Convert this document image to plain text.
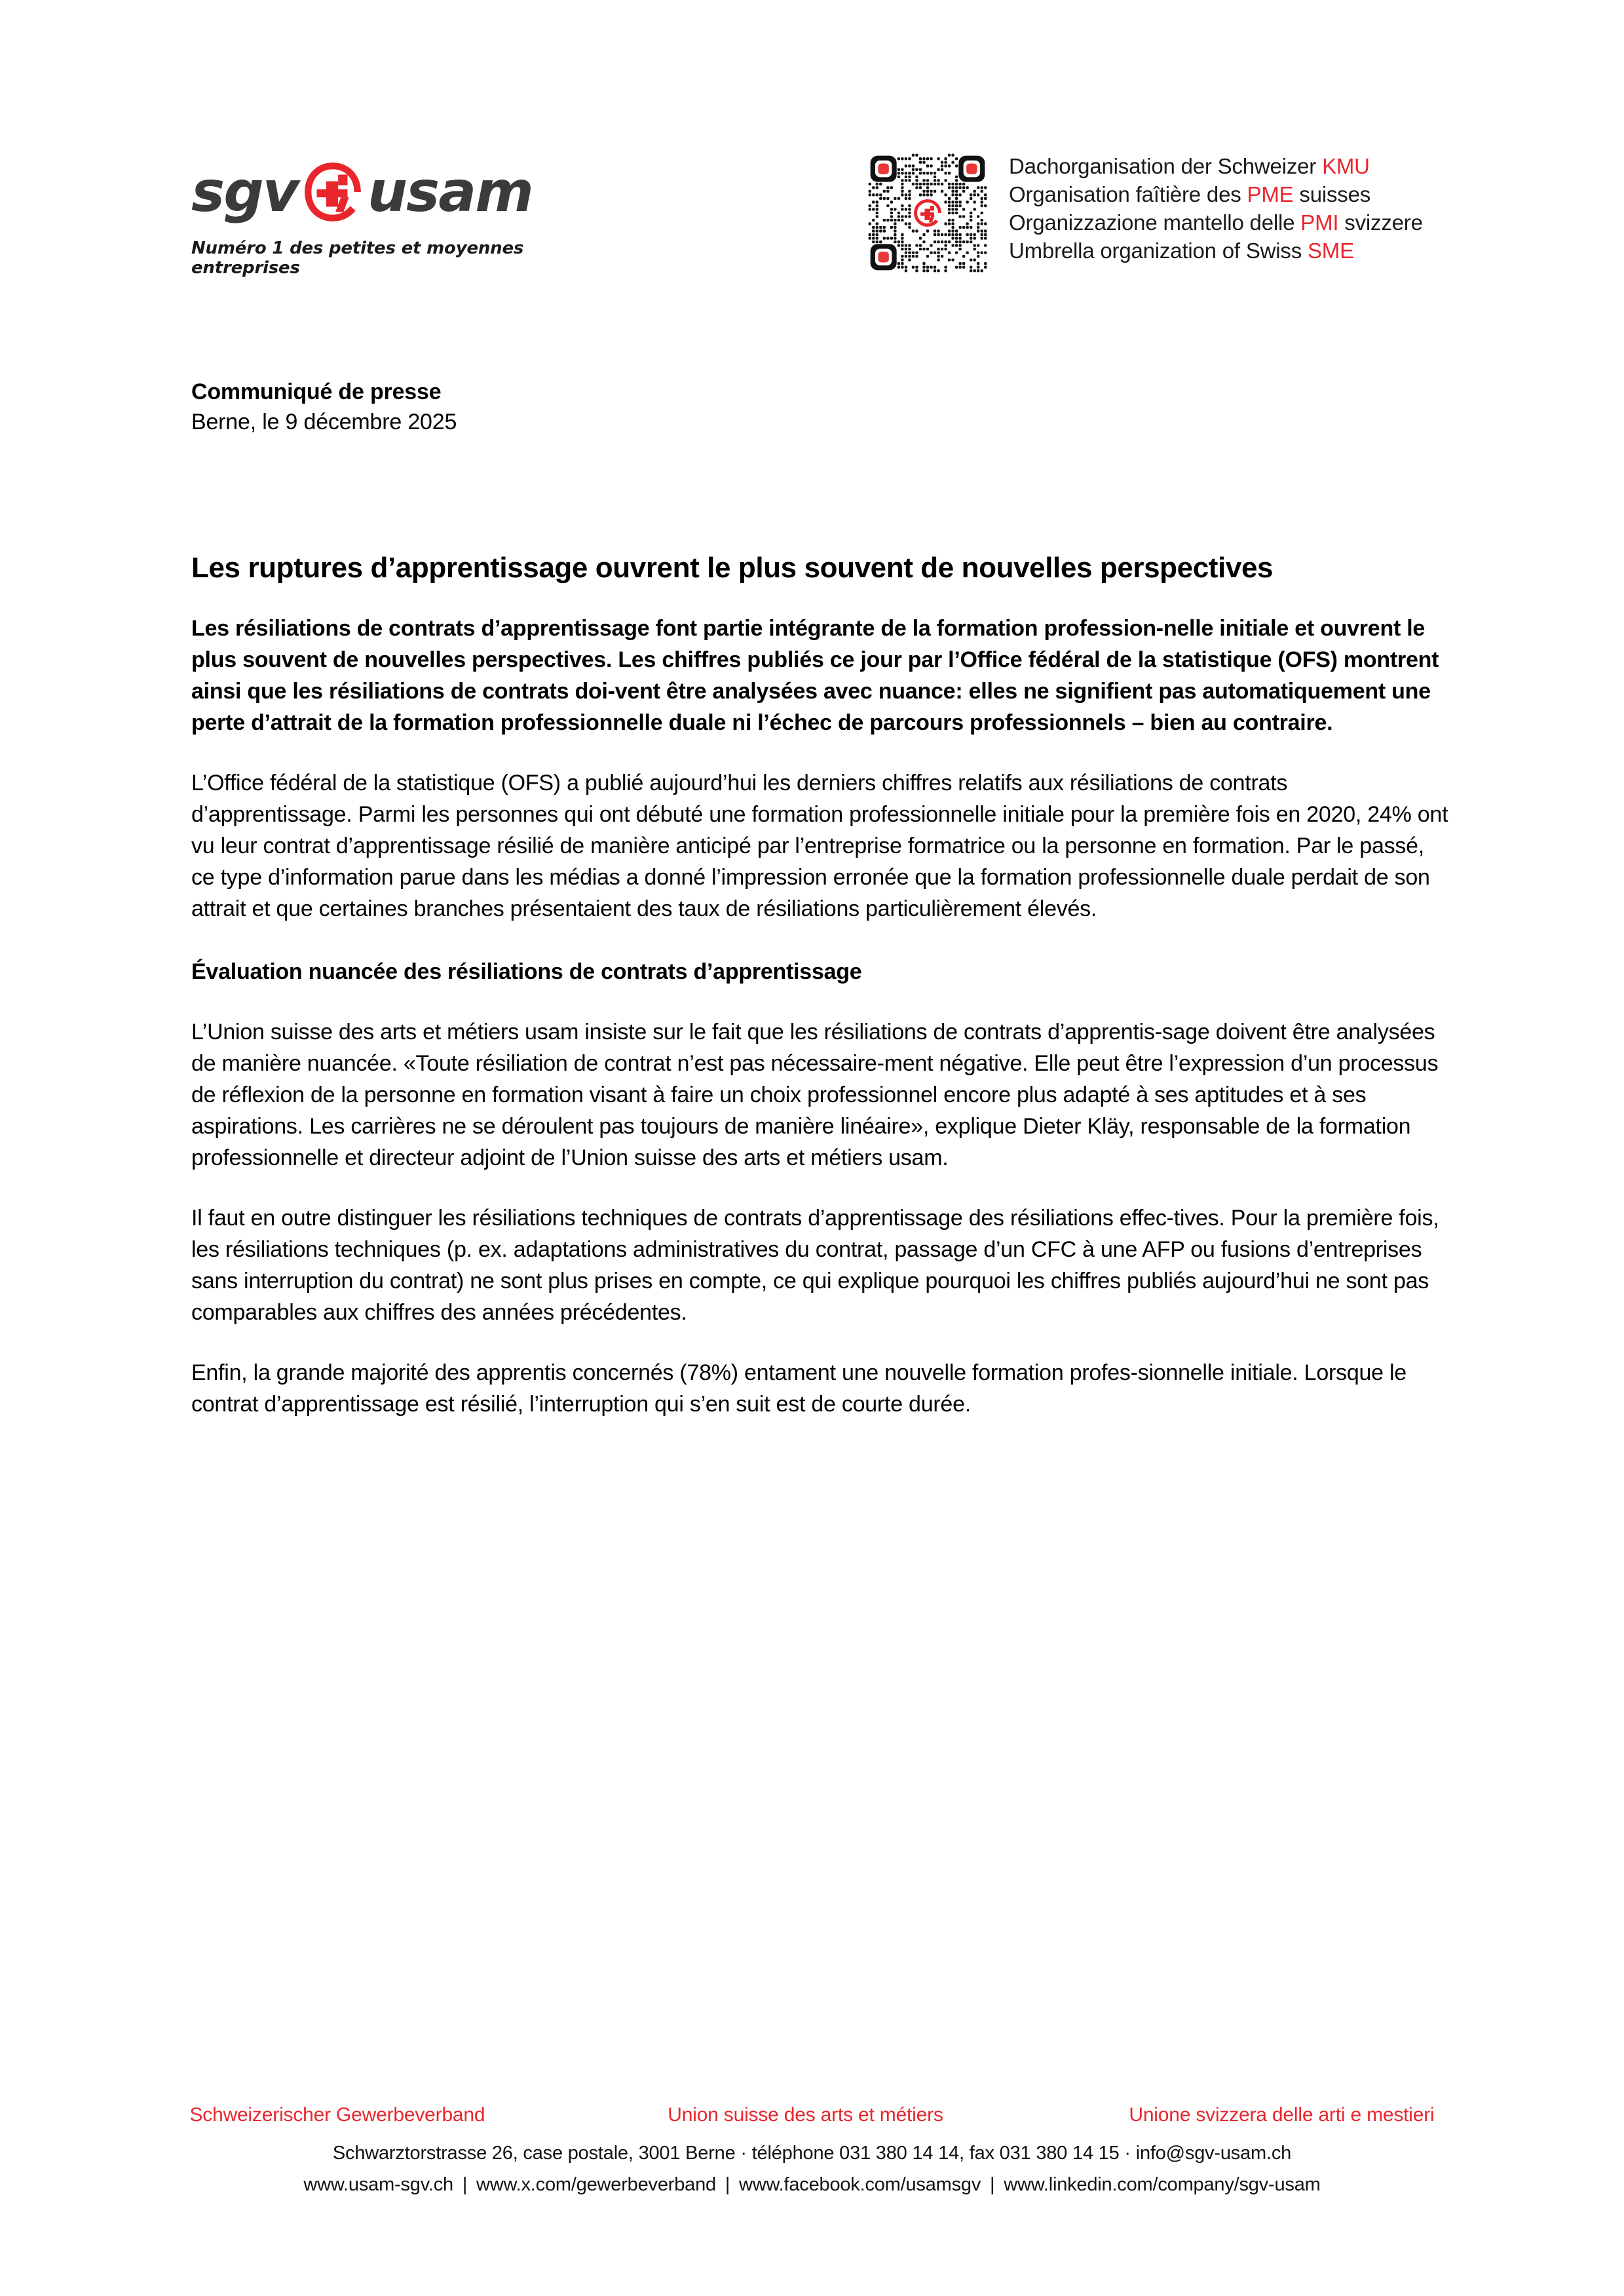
sgv usam
Numéro 1 des petites et moyennes entreprises
Dachorganisation der Schweizer KMU
Organisation faîtière des PME suisses
Organizzazione mantello delle PMI svizzere
Umbrella organization of Swiss SME
Communiqué de presse
Berne, le 9 décembre 2025
Les ruptures d’apprentissage ouvrent le plus souvent de nouvelles perspectives

Les résiliations de contrats d’apprentissage font partie intégrante de la formation profession-nelle initiale et ouvrent le plus souvent de nouvelles perspectives. Les chiffres publiés ce jour par l’Office fédéral de la statistique (OFS) montrent ainsi que les résiliations de contrats doi-vent être analysées avec nuance: elles ne signifient pas automatiquement une perte d’attrait de la formation professionnelle duale ni l’échec de parcours professionnels – bien au contraire.

L’Office fédéral de la statistique (OFS) a publié aujourd’hui les derniers chiffres relatifs aux résiliations de contrats d’apprentissage. Parmi les personnes qui ont débuté une formation professionnelle initiale pour la première fois en 2020, 24% ont vu leur contrat d’apprentissage résilié de manière anticipé par l’entreprise formatrice ou la personne en formation. Par le passé, ce type d’information parue dans les médias a donné l’impression erronée que la formation professionnelle duale perdait de son attrait et que certaines branches présentaient des taux de résiliations particulièrement élevés.

Évaluation nuancée des résiliations de contrats d’apprentissage

L’Union suisse des arts et métiers usam insiste sur le fait que les résiliations de contrats d’apprentis-sage doivent être analysées de manière nuancée. «Toute résiliation de contrat n’est pas nécessaire-ment négative. Elle peut être l’expression d’un processus de réflexion de la personne en formation visant à faire un choix professionnel encore plus adapté à ses aptitudes et à ses aspirations. Les carrières ne se déroulent pas toujours de manière linéaire», explique Dieter Kläy, responsable de la formation professionnelle et directeur adjoint de l’Union suisse des arts et métiers usam.

Il faut en outre distinguer les résiliations techniques de contrats d’apprentissage des résiliations effec-tives. Pour la première fois, les résiliations techniques (p. ex. adaptations administratives du contrat, passage d’un CFC à une AFP ou fusions d’entreprises sans interruption du contrat) ne sont plus prises en compte, ce qui explique pourquoi les chiffres publiés aujourd’hui ne sont pas comparables aux chiffres des années précédentes.

Enfin, la grande majorité des apprentis concernés (78%) entament une nouvelle formation profes-sionnelle initiale. Lorsque le contrat d’apprentissage est résilié, l’interruption qui s’en suit est de courte durée.

Schweizerischer Gewerbeverband	Union suisse des arts et métiers	Unione svizzera delle arti e mestieri
Schwarztorstrasse 26, case postale, 3001 Berne · téléphone 031 380 14 14, fax 031 380 14 15 · info@sgv-usam.ch
www.usam-sgv.ch | www.x.com/gewerbeverband | www.facebook.com/usamsgv | www.linkedin.com/company/sgv-usam
